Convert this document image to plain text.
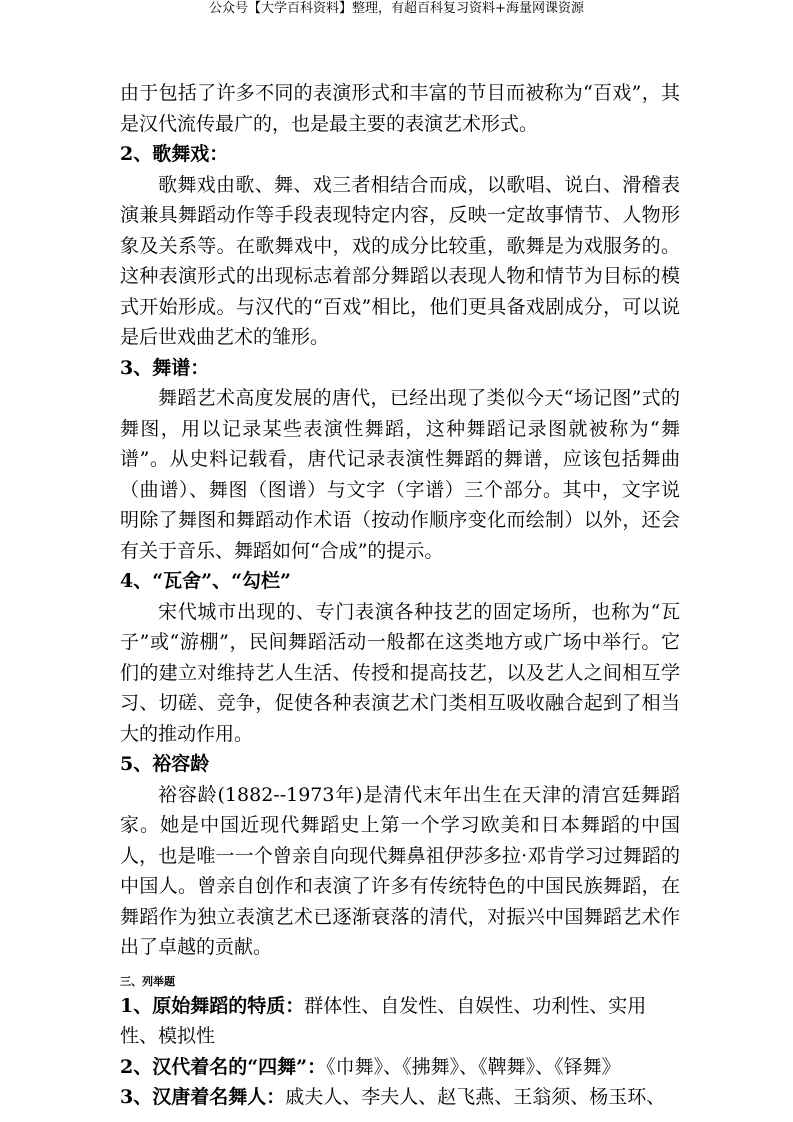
公众号【大学百科资料】整理，有超百科复习资料+海量网课资源

由于包括了许多不同的表演形式和丰富的节目而被称为“百戏”，其是汉代流传最广的，也是最主要的表演艺术形式。

2、歌舞戏：

歌舞戏由歌、舞、戏三者相结合而成，以歌唱、说白、滑稽表演兼具舞蹈动作等手段表现特定内容，反映一定故事情节、人物形象及关系等。在歌舞戏中，戏的成分比较重，歌舞是为戏服务的。这种表演形式的出现标志着部分舞蹈以表现人物和情节为目标的模式开始形成。与汉代的“百戏”相比，他们更具备戏剧成分，可以说是后世戏曲艺术的雏形。

3、舞谱：

舞蹈艺术高度发展的唐代，已经出现了类似今天“场记图”式的舞图，用以记录某些表演性舞蹈，这种舞蹈记录图就被称为“舞谱”。从史料记载看，唐代记录表演性舞蹈的舞谱，应该包括舞曲（曲谱）、舞图（图谱）与文字（字谱）三个部分。其中，文字说明除了舞图和舞蹈动作术语（按动作顺序变化而绘制）以外，还会有关于音乐、舞蹈如何“合成”的提示。

4、“瓦舍”、“勾栏”

宋代城市出现的、专门表演各种技艺的固定场所，也称为“瓦子”或“游棚”，民间舞蹈活动一般都在这类地方或广场中举行。它们的建立对维持艺人生活、传授和提高技艺，以及艺人之间相互学习、切磋、竞争，促使各种表演艺术门类相互吸收融合起到了相当大的推动作用。

5、裕容龄

裕容龄(1882--1973年)是清代末年出生在天津的清宫廷舞蹈家。她是中国近现代舞蹈史上第一个学习欧美和日本舞蹈的中国人，也是唯一一个曾亲自向现代舞鼻祖伊莎多拉·邓肯学习过舞蹈的中国人。曾亲自创作和表演了许多有传统特色的中国民族舞蹈，在舞蹈作为独立表演艺术已逐渐衰落的清代，对振兴中国舞蹈艺术作出了卓越的贡献。

三、列举题

1、原始舞蹈的特质：群体性、自发性、自娱性、功利性、实用性、模拟性

2、汉代着名的“四舞”：《巾舞》、《拂舞》、《鞞舞》、《铎舞》

3、汉唐着名舞人：戚夫人、李夫人、赵飞燕、王翁须、杨玉环、
